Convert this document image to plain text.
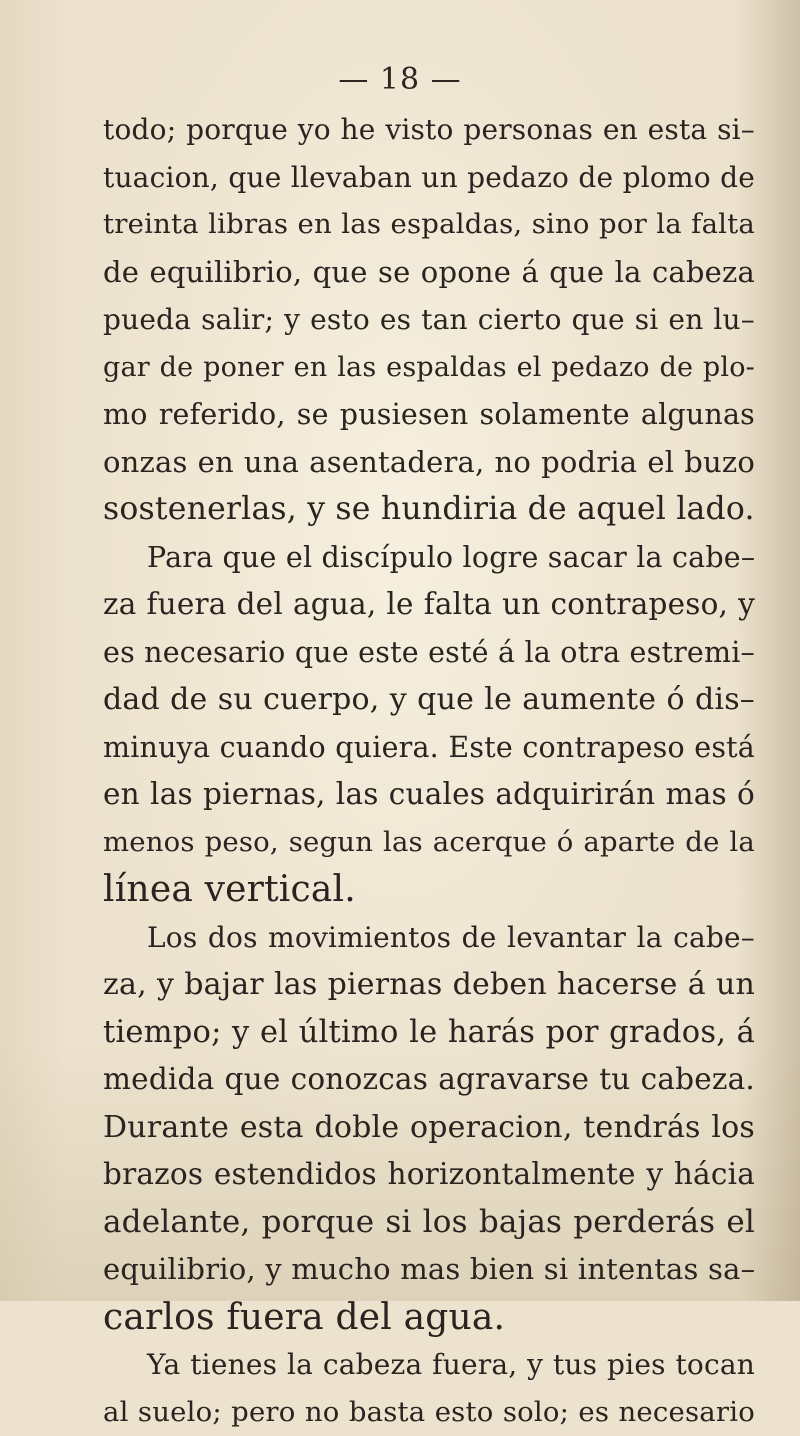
— 18 —
todo; porque yo he visto personas en esta si–
tuacion, que llevaban un pedazo de plomo de
treinta libras en las espaldas, sino por la falta
de equilibrio, que se opone á que la cabeza
pueda salir; y esto es tan cierto que si en lu–
gar de poner en las espaldas el pedazo de plo-
mo referido, se pusiesen solamente algunas
onzas en una asentadera, no podria el buzo
sostenerlas, y se hundiria de aquel lado.
Para que el discípulo logre sacar la cabe–
za fuera del agua, le falta un contrapeso, y
es necesario que este esté á la otra estremi–
dad de su cuerpo, y que le aumente ó dis–
minuya cuando quiera. Este contrapeso está
en las piernas, las cuales adquirirán mas ó
menos peso, segun las acerque ó aparte de la
línea vertical.
Los dos movimientos de levantar la cabe–
za, y bajar las piernas deben hacerse á un
tiempo; y el último le harás por grados, á
medida que conozcas agravarse tu cabeza.
Durante esta doble operacion, tendrás los
brazos estendidos horizontalmente y hácia
adelante, porque si los bajas perderás el
equilibrio, y mucho mas bien si intentas sa–
carlos fuera del agua.
Ya tienes la cabeza fuera, y tus pies tocan
al suelo; pero no basta esto solo; es necesario
